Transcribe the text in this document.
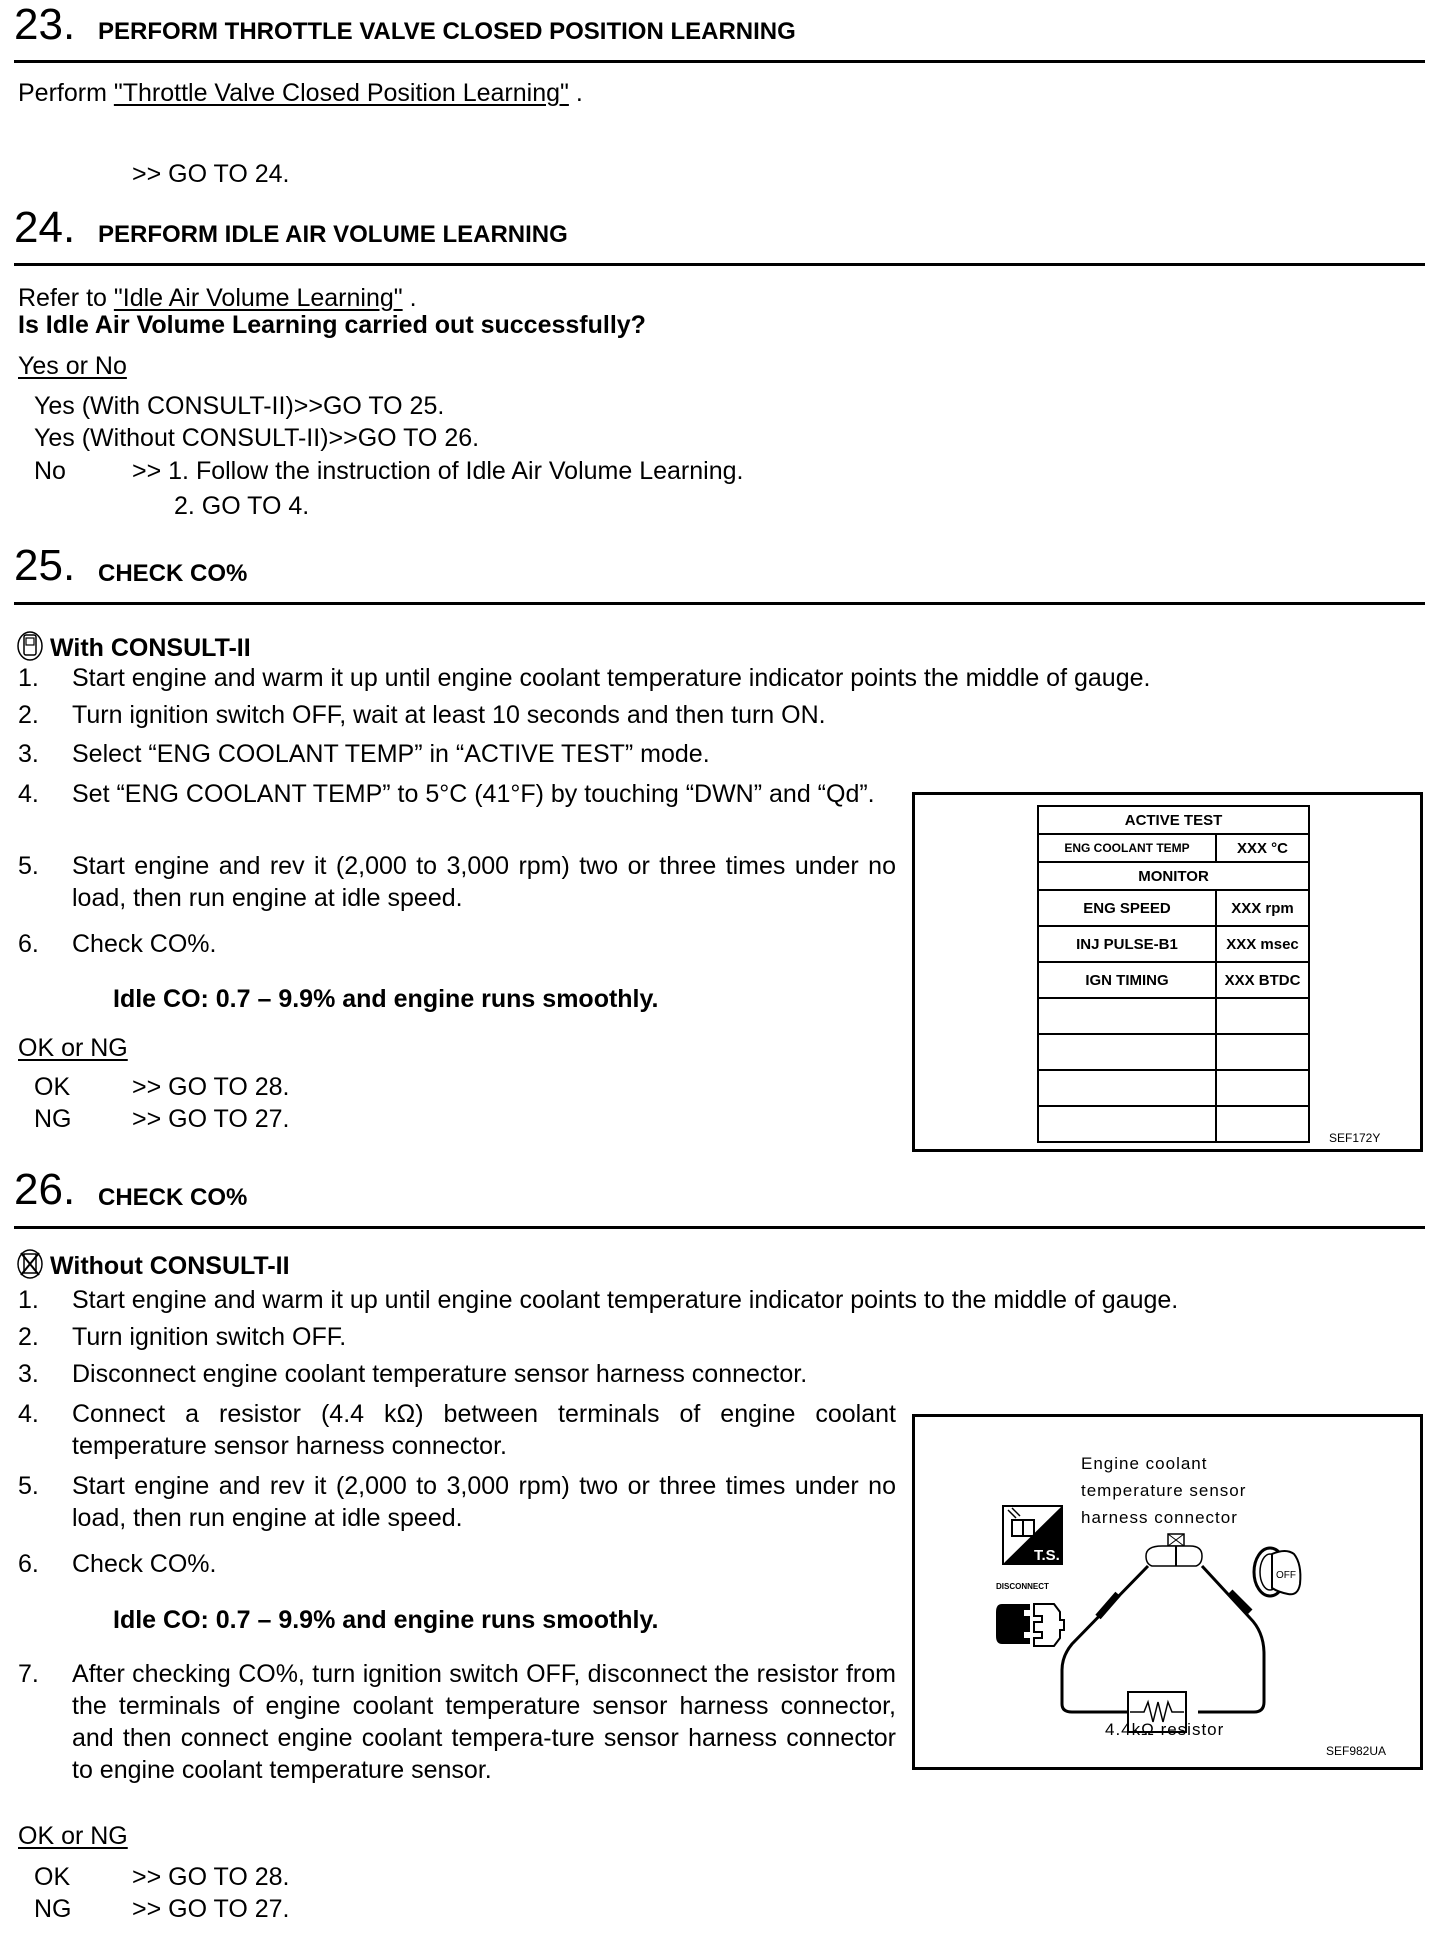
23. PERFORM THROTTLE VALVE CLOSED POSITION LEARNING
Perform "Throttle Valve Closed Position Learning" .
>> GO TO 24.
24. PERFORM IDLE AIR VOLUME LEARNING
Refer to "Idle Air Volume Learning" .
Is Idle Air Volume Learning carried out successfully?
Yes or No
Yes (With CONSULT-II)>>GO TO 25.
Yes (Without CONSULT-II)>>GO TO 26.
No	>> 1. Follow the instruction of Idle Air Volume Learning.
2. GO TO 4.
25. CHECK CO%
With CONSULT-II
1. Start engine and warm it up until engine coolant temperature indicator points the middle of gauge.
2. Turn ignition switch OFF, wait at least 10 seconds and then turn ON.
3. Select “ENG COOLANT TEMP” in “ACTIVE TEST” mode.
4. Set “ENG COOLANT TEMP” to 5°C (41°F) by touching “DWN” and “Qd”.
5. Start engine and rev it (2,000 to 3,000 rpm) two or three times under no load, then run engine at idle speed.
6. Check CO%.
Idle CO: 0.7 – 9.9% and engine runs smoothly.
OK or NG
OK >> GO TO 28.
NG >> GO TO 27.
ACTIVE TEST	
ENG COOLANT TEMP	XXX °C
MONITOR	
ENG SPEED	XXX rpm
INJ PULSE-B1	XXX msec
IGN TIMING	XXX BTDC

SEF172Y
26. CHECK CO%
Without CONSULT-II
1. Start engine and warm it up until engine coolant temperature indicator points to the middle of gauge.
2. Turn ignition switch OFF.
3. Disconnect engine coolant temperature sensor harness connector.
4. Connect a resistor (4.4 kΩ) between terminals of engine coolant temperature sensor harness connector.
5. Start engine and rev it (2,000 to 3,000 rpm) two or three times under no load, then run engine at idle speed.
6. Check CO%.
Idle CO: 0.7 – 9.9% and engine runs smoothly.
7. After checking CO%, turn ignition switch OFF, disconnect the resistor from the terminals of engine coolant temperature sensor harness connector, and then connect engine coolant tempera-ture sensor harness connector to engine coolant temperature sensor.
OK or NG
OK >> GO TO 28.
NG >> GO TO 27.
Engine coolant
temperature sensor
harness connector
T.S.
DISCONNECT
OFF
4.4kΩ resistor
SEF982UA
